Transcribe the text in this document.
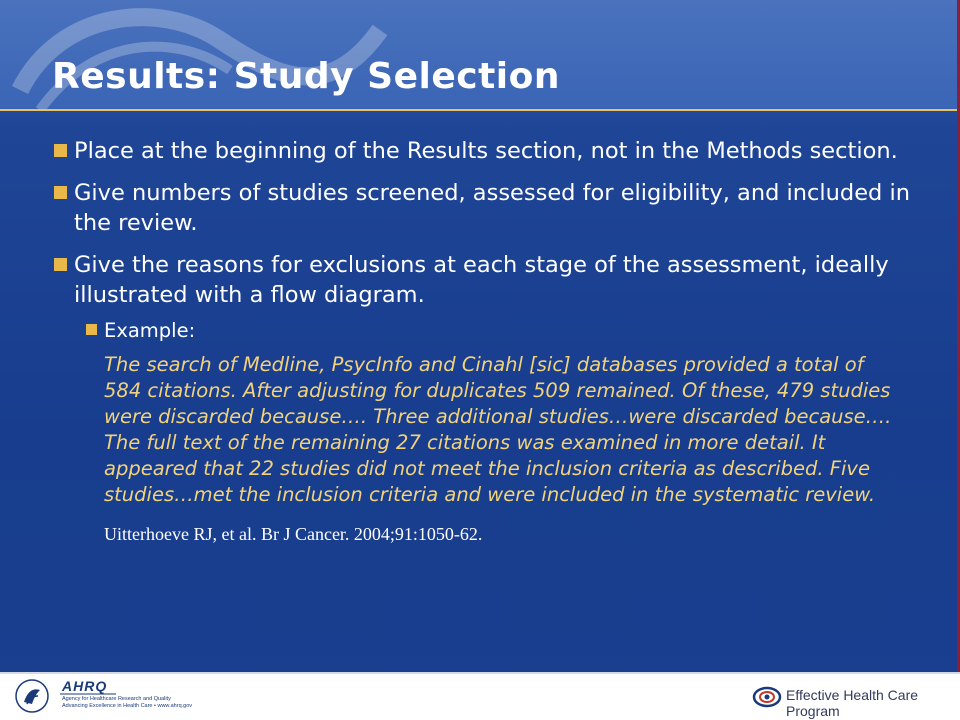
Results: Study Selection
Place at the beginning of the Results section, not in the Methods section.
Give numbers of studies screened, assessed for eligibility, and included in the review.
Give the reasons for exclusions at each stage of the assessment, ideally illustrated with a flow diagram.
Example:
The search of Medline, PsycInfo and Cinahl [sic] databases provided a total of 584 citations. After adjusting for duplicates 509 remained. Of these, 479 studies were discarded because…. Three additional studies…were discarded because…. The full text of the remaining 27 citations was examined in more detail. It appeared that 22 studies did not meet the inclusion criteria as described. Five studies…met the inclusion criteria and were included in the systematic review.
Uitterhoeve RJ, et al. Br J Cancer. 2004;91:1050-62.
AHRQ
Agency for Healthcare Research and Quality
Advancing Excellence in Health Care • www.ahrq.gov
Effective Health Care Program
